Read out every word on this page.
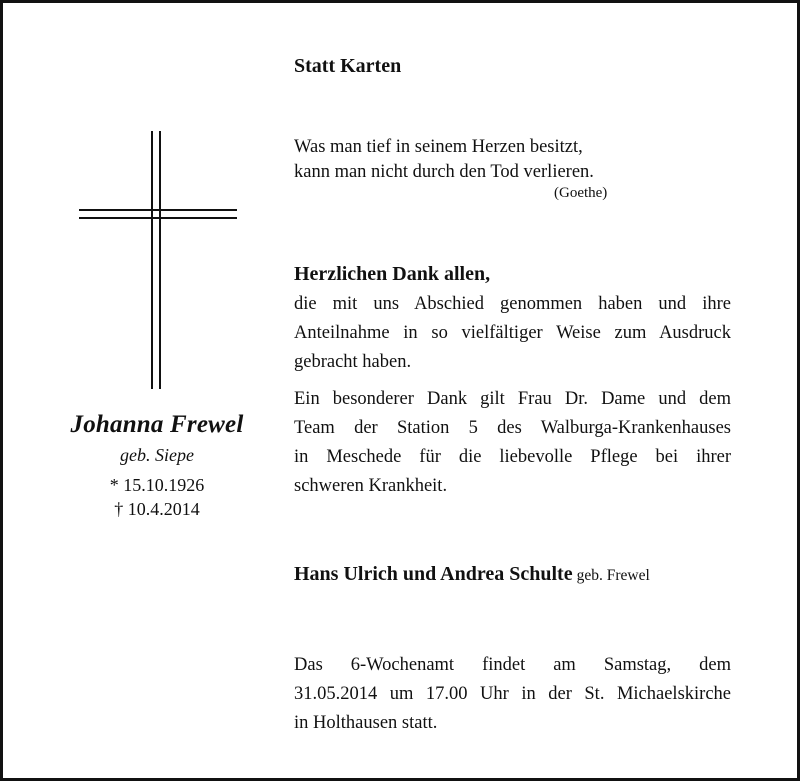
Johanna Frewel
geb. Siepe
* 15.10.1926
† 10.4.2014
Statt Karten
Was man tief in seinem Herzen besitzt,
kann man nicht durch den Tod verlieren.
(Goethe)
Herzlichen Dank allen,
die mit uns Abschied genommen haben und ihre
Anteilnahme in so vielfältiger Weise zum Ausdruck
gebracht haben.
Ein besonderer Dank gilt Frau Dr. Dame und dem
Team der Station 5 des Walburga-Krankenhauses
in Meschede für die liebevolle Pflege bei ihrer
schweren Krankheit.
Hans Ulrich und Andrea Schulte geb. Frewel
Das 6-Wochenamt findet am Samstag, dem
31.05.2014 um 17.00 Uhr in der St. Michaelskirche
in Holthausen statt.
